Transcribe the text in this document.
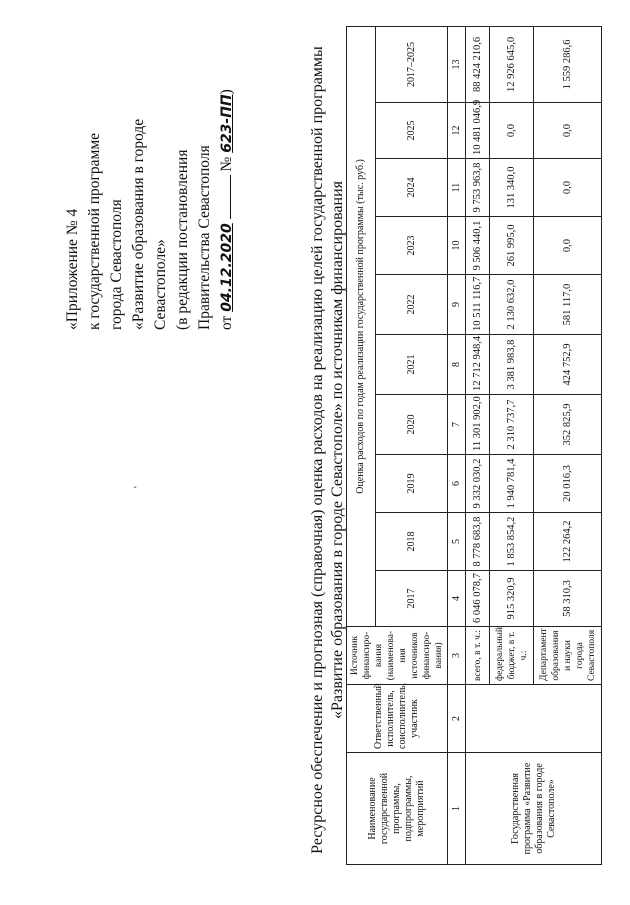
«Приложение № 4 к государственной программе города Севастополя «Развитие образования в городе Севастополе» (в редакции постановления Правительства Севастополя от 04.12.2020  № 623-ПП)
'	Ресурсное обеспечение и прогнозная (справочная) оценка расходов на реализацию целей государственной программы «Развитие образования в городе Севастополе» по источникам финансирования
Наименование государственной программы, подпрограммы, мероприятий	Ответственный исполнитель, соисполнитель, участник	Источник финансиро-вания (наименова-ния источников финансиро-вания)	Оценка расходов по годам реализации государственной программы (тыс. руб.)									
			2017	2018	2019	2020	2021	2022	2023	2024	2025	2017–2025
1	2	3	4	5	6	7	8	9	10	11	12	13
Государственная программа «Развитие образования в городе Севастополе»		всего, в т. ч.:	6 046 078,7	8 778 683,8	9 332 030,2	11 301 902,0	12 712 948,4	10 511 116,7	9 506 440,1	9 753 963,8	10 481 046,9	88 424 210,6
		федеральный бюджет, в т. ч.:	915 320,9	1 853 854,2	1 940 781,4	2 310 737,7	3 381 983,8	2 130 632,0	261 995,0	131 340,0	0,0	12 926 645,0
		Департамент образования и науки города Севастополя	58 310,3	122 264,2	20 016,3	352 825,9	424 752,9	581 117,0	0,0	0,0	0,0	1 559 286,6
